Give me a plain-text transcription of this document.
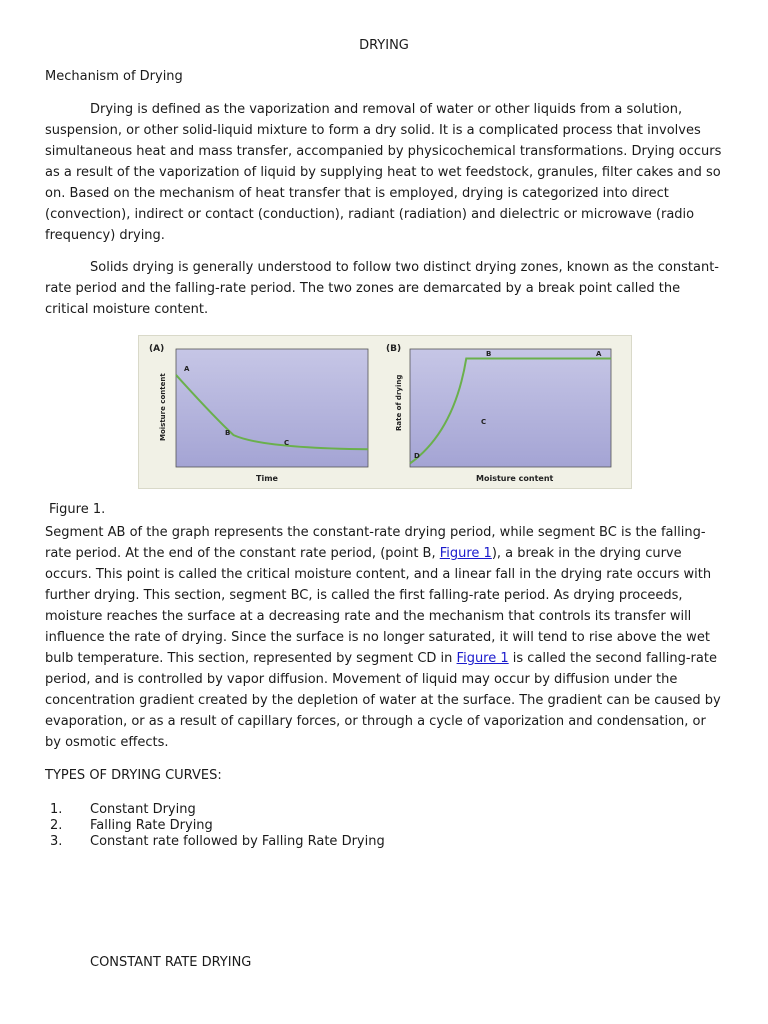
DRYING
Mechanism of Drying

Drying is defined as the vaporization and removal of water or other liquids from a solution, suspension, or other solid-liquid mixture to form a dry solid. It is a complicated process that involves simultaneous heat and mass transfer, accompanied by physicochemical transformations. Drying occurs as a result of the vaporization of liquid by supplying heat to wet feedstock, granules, filter cakes and so on. Based on the mechanism of heat transfer that is employed, drying is categorized into direct (convection), indirect or contact (conduction), radiant (radiation) and dielectric or microwave (radio frequency) drying.

Solids drying is generally understood to follow two distinct drying zones, known as the constant-rate period and the falling-rate period. The two zones are demarcated by a break point called the critical moisture content.

(A)
A
B
C
Time
Moisture content
(B)
D
C
B	A
Moisture content
Rate of drying
Figure 1.

Segment AB of the graph represents the constant-rate drying period, while segment BC is the falling-rate period. At the end of the constant rate period, (point B, Figure 1), a break in the drying curve occurs. This point is called the critical moisture content, and a linear fall in the drying rate occurs with further drying. This section, segment BC, is called the first falling-rate period. As drying proceeds, moisture reaches the surface at a decreasing rate and the mechanism that controls its transfer will influence the rate of drying. Since the surface is no longer saturated, it will tend to rise above the wet bulb temperature. This section, represented by segment CD in Figure 1 is called the second falling-rate period, and is controlled by vapor diffusion. Movement of liquid may occur by diffusion under the concentration gradient created by the depletion of water at the surface. The gradient can be caused by evaporation, or as a result of capillary forces, or through a cycle of vaporization and condensation, or by osmotic effects.

TYPES OF DRYING CURVES:
1.	Constant Drying
2.	Falling Rate Drying
3.	Constant rate followed by Falling Rate Drying
CONSTANT RATE DRYING
